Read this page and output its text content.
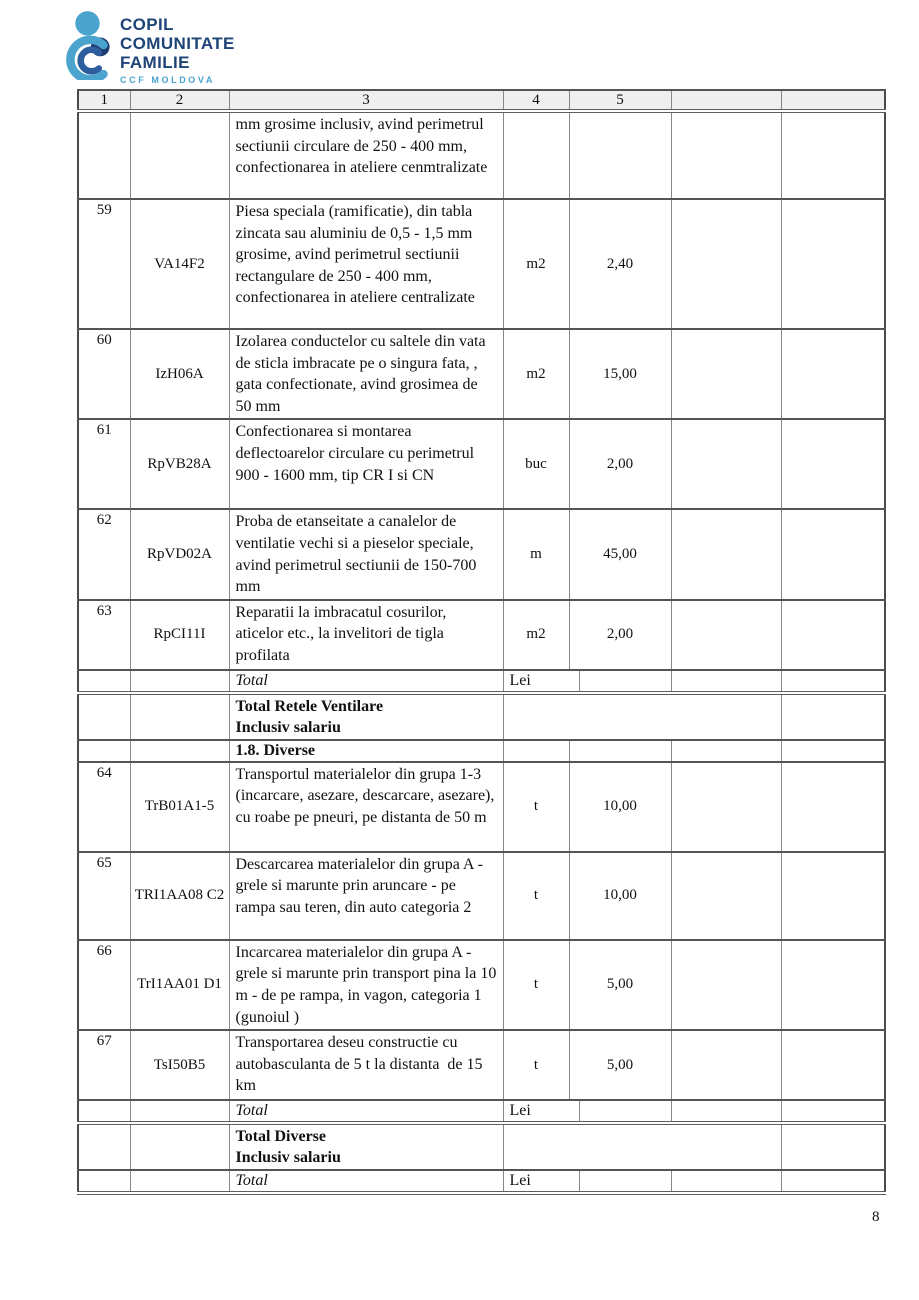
COPIL
COMUNITATE
FAMILIE
CCF MOLDOVA
1	2	3	4	5			
		mm grosime inclusiv, avind perimetrul sectiunii circulare de 250 - 400 mm, confectionarea in ateliere cenmtralizate					
59	VA14F2	Piesa speciala (ramificatie), din tabla zincata sau aluminiu de 0,5 - 1,5 mm grosime, avind perimetrul sectiunii rectangulare de 250 - 400 mm, confectionarea in ateliere centralizate	m2	2,40			
60	IzH06A	Izolarea conductelor cu saltele din vata de sticla imbracate pe o singura fata, , gata confectionate, avind grosimea de  50 mm	m2	15,00			
61	RpVB28A	Confectionarea si montarea deflectoarelor circulare cu perimetrul 900 - 1600 mm, tip CR I si CN	buc	2,00			
62	RpVD02A	Proba de etanseitate a canalelor de ventilatie vechi si a pieselor speciale, avind perimetrul sectiunii de 150-700 mm	m	45,00			
63	RpCI11I	Reparatii la imbracatul cosurilor, aticelor etc., la invelitori de tigla profilata	m2	2,00			
		Total	Lei				

		Total Retele Ventilare
Inclusiv salariu					

		1.8. Diverse					
64	TrB01A1-5	Transportul materialelor din grupa 1-3 (incarcare, asezare, descarcare, asezare), cu roabe pe pneuri, pe distanta de 50 m	t	10,00			
65	TRI1AA08 C2	Descarcarea materialelor din grupa A - grele si marunte prin aruncare - pe rampa sau teren, din auto categoria 2	t	10,00			
66	TrI1AA01 D1	Incarcarea materialelor din grupa A - grele si marunte prin transport pina la 10 m - de pe rampa, in vagon, categoria 1 (gunoiul )	t	5,00			
67	TsI50B5	Transportarea deseu constructie cu autobasculanta de 5 t la distanta  de 15 km	t	5,00			
		Total	Lei				

		Total Diverse
Inclusiv salariu					

		Total	Lei				
8
